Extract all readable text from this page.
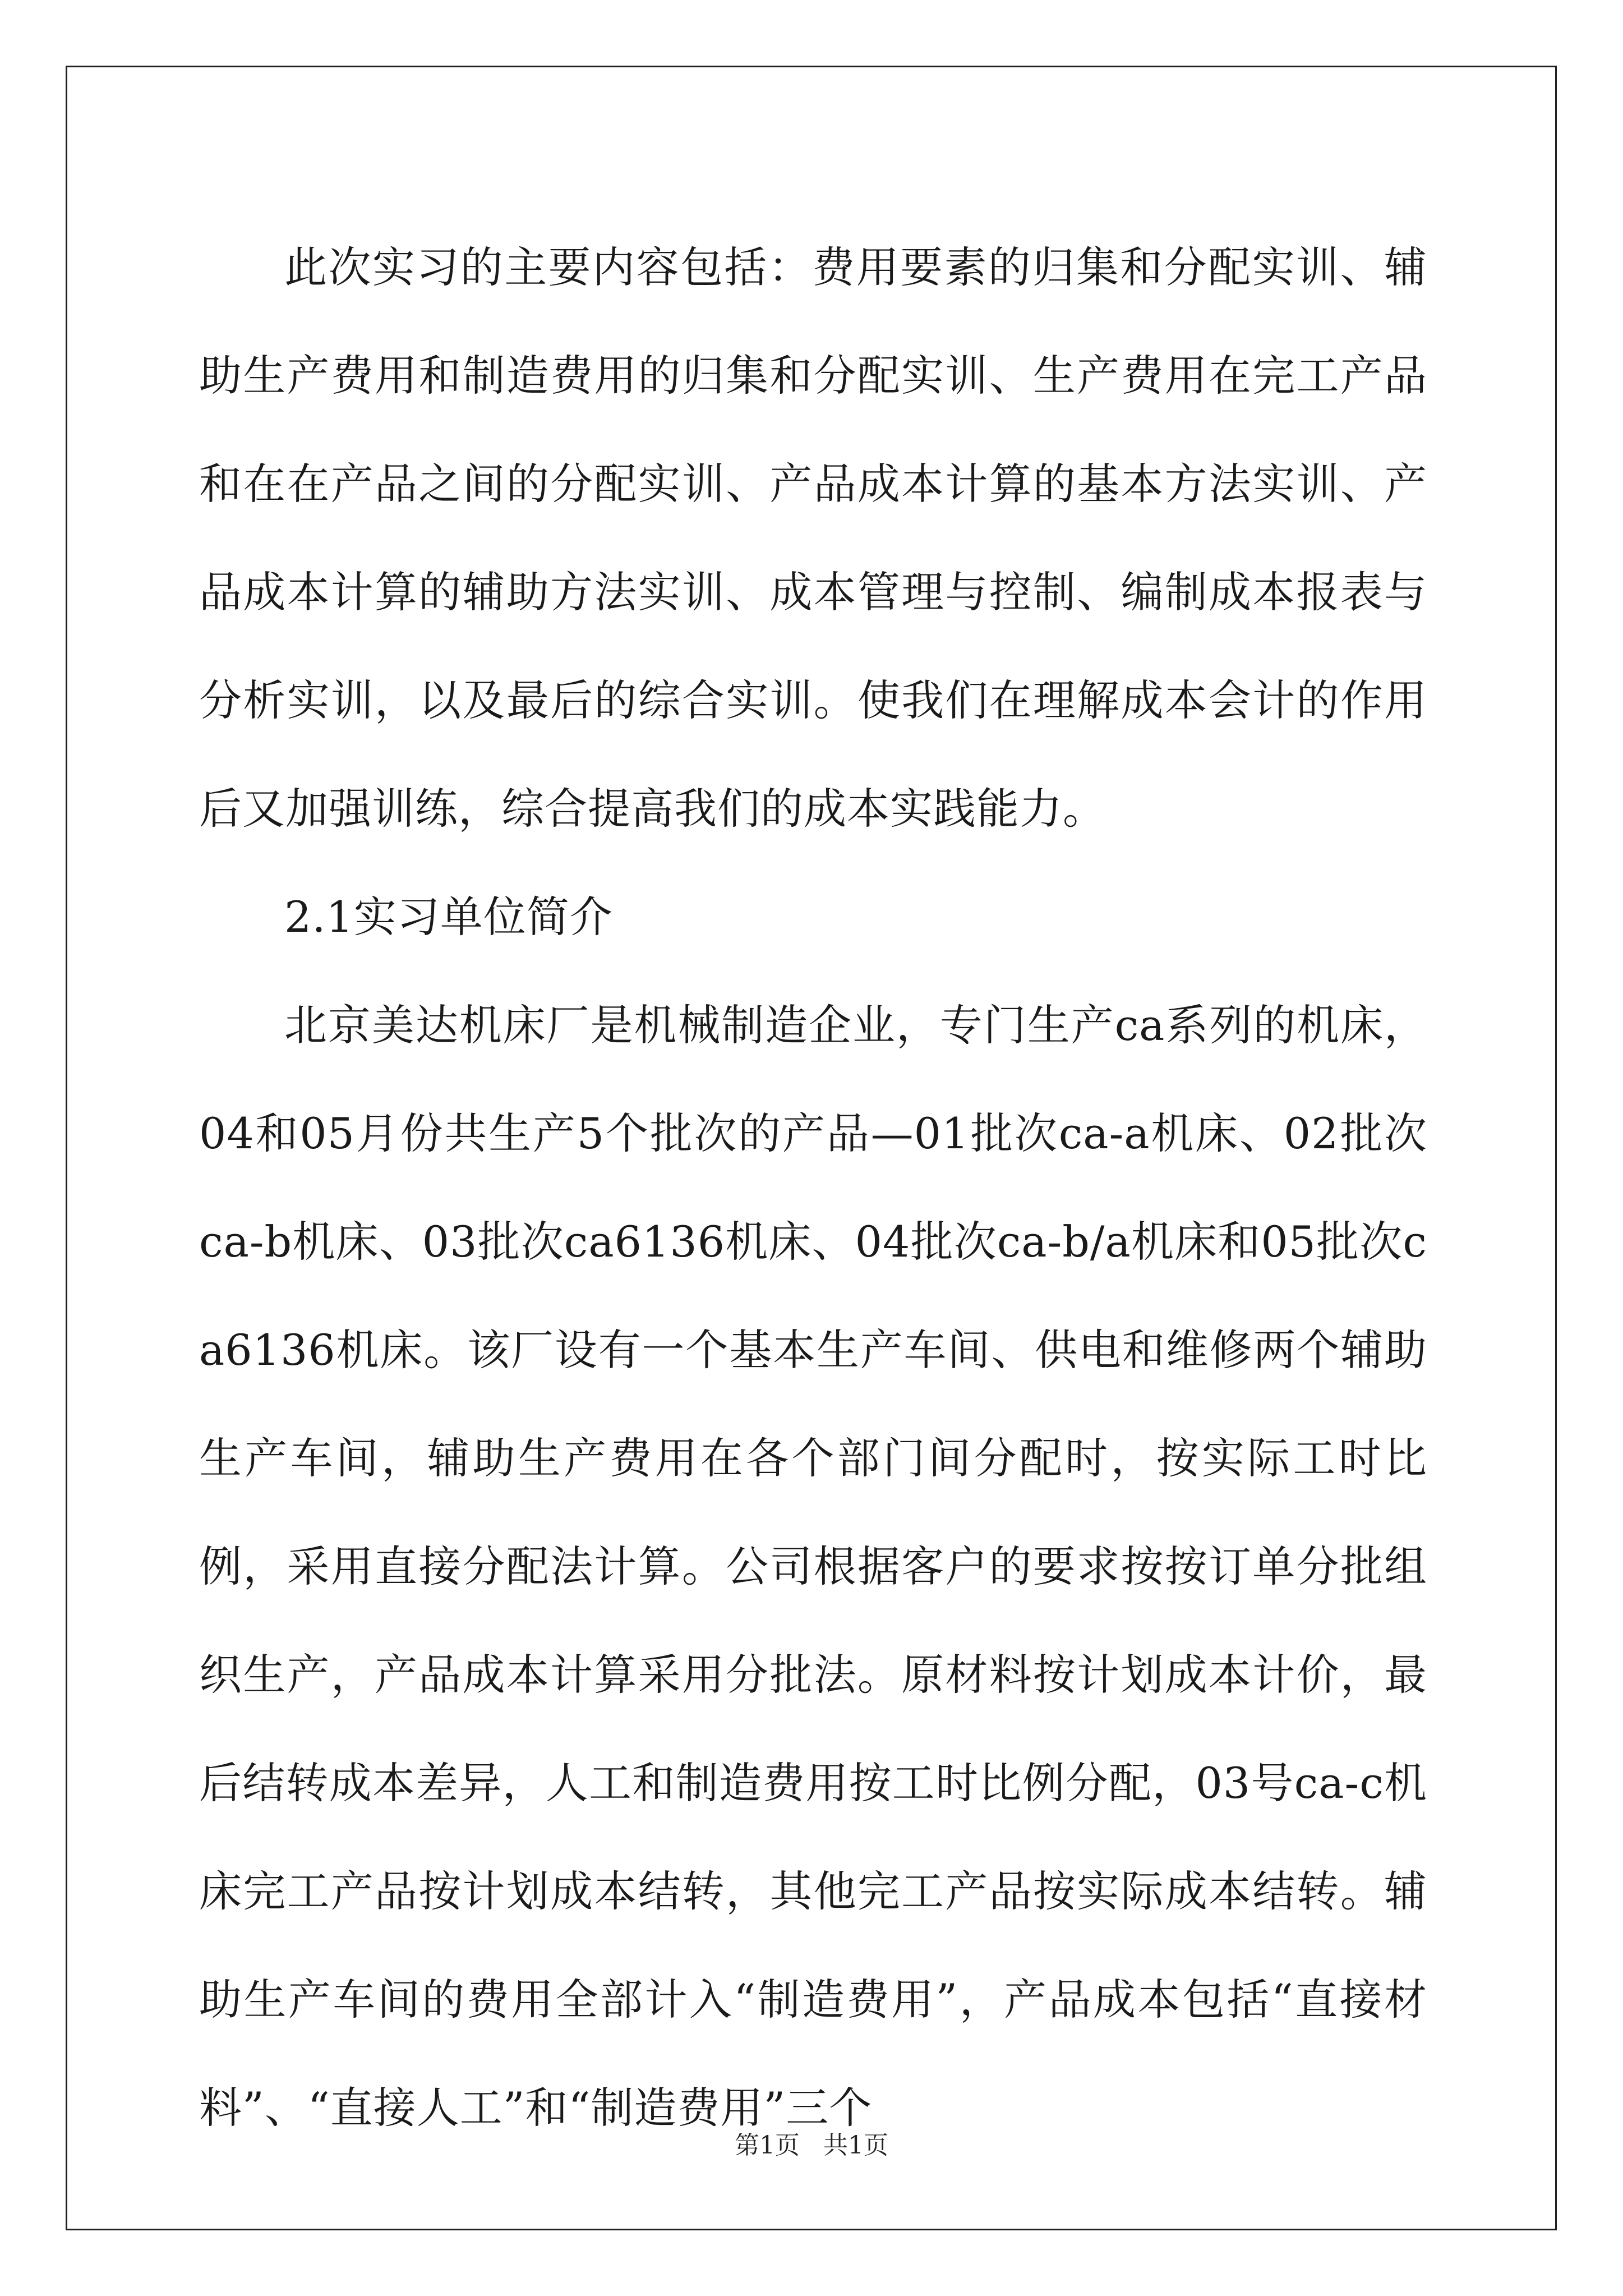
此次实习的主要内容包括：费用要素的归集和分配实训、辅助生产费用和制造费用的归集和分配实训、生产费用在完工产品和在在产品之间的分配实训、产品成本计算的基本方法实训、产品成本计算的辅助方法实训、成本管理与控制、编制成本报表与分析实训，以及最后的综合实训。使我们在理解成本会计的作用后又加强训练，综合提高我们的成本实践能力。

2.1实习单位简介

北京美达机床厂是机械制造企业，专门生产ca系列的机床，04和05月份共生产5个批次的产品—01批次ca-a机床、02批次ca-b机床、03批次ca6136机床、04批次ca-b/a机床和05批次ca6136机床。该厂设有一个基本生产车间、供电和维修两个辅助生产车间，辅助生产费用在各个部门间分配时，按实际工时比例，采用直接分配法计算。公司根据客户的要求按按订单分批组织生产，产品成本计算采用分批法。原材料按计划成本计价，最后结转成本差异，人工和制造费用按工时比例分配，03号ca-c机床完工产品按计划成本结转，其他完工产品按实际成本结转。辅助生产车间的费用全部计入“制造费用”，产品成本包括“直接材料”、“直接人工”和“制造费用”三个

第1页   共1页
